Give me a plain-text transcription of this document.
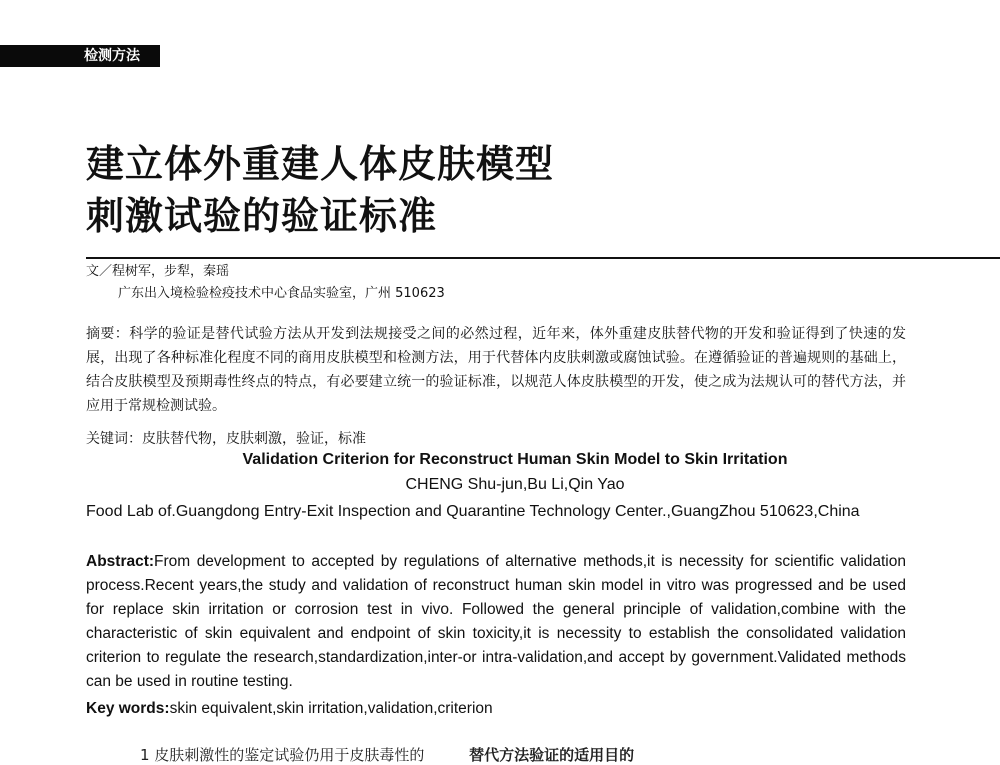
检测方法
建立体外重建人体皮肤模型
刺激试验的验证标准
文／程树军，步犁，秦瑶
广东出入境检验检疫技术中心食品实验室，广州 510623
摘要：科学的验证是替代试验方法从开发到法规接受之间的必然过程，近年来，体外重建皮肤替代物的开发和验证得到了快速的发展，出现了各种标准化程度不同的商用皮肤模型和检测方法，用于代替体内皮肤刺激或腐蚀试验。在遵循验证的普遍规则的基础上，结合皮肤模型及预期毒性终点的特点，有必要建立统一的验证标准，以规范人体皮肤模型的开发，使之成为法规认可的替代方法，并应用于常规检测试验。
关键词：皮肤替代物，皮肤刺激，验证，标准
Validation Criterion for Reconstruct Human Skin Model to Skin Irritation
CHENG Shu-jun,Bu Li,Qin Yao
Food Lab of.Guangdong Entry-Exit Inspection and Quarantine Technology Center.,GuangZhou 510623,China
Abstract:From development to accepted by regulations of alternative methods,it is necessity for scientific validation process.Recent years,the study and validation of reconstruct human skin model in vitro was progressed and be used for replace skin irritation or corrosion test in vivo. Followed the general principle of validation,combine with the characteristic of skin equivalent and endpoint of skin toxicity,it is necessity to establish the consolidated validation criterion to regulate the research,standardization,inter-or intra-validation,and accept by government.Validated methods can be used in routine testing.
Key words:skin equivalent,skin irritation,validation,criterion
1 皮肤刺激性的鉴定试验仍用于皮肤毒性的	替代方法验证的适用目的
